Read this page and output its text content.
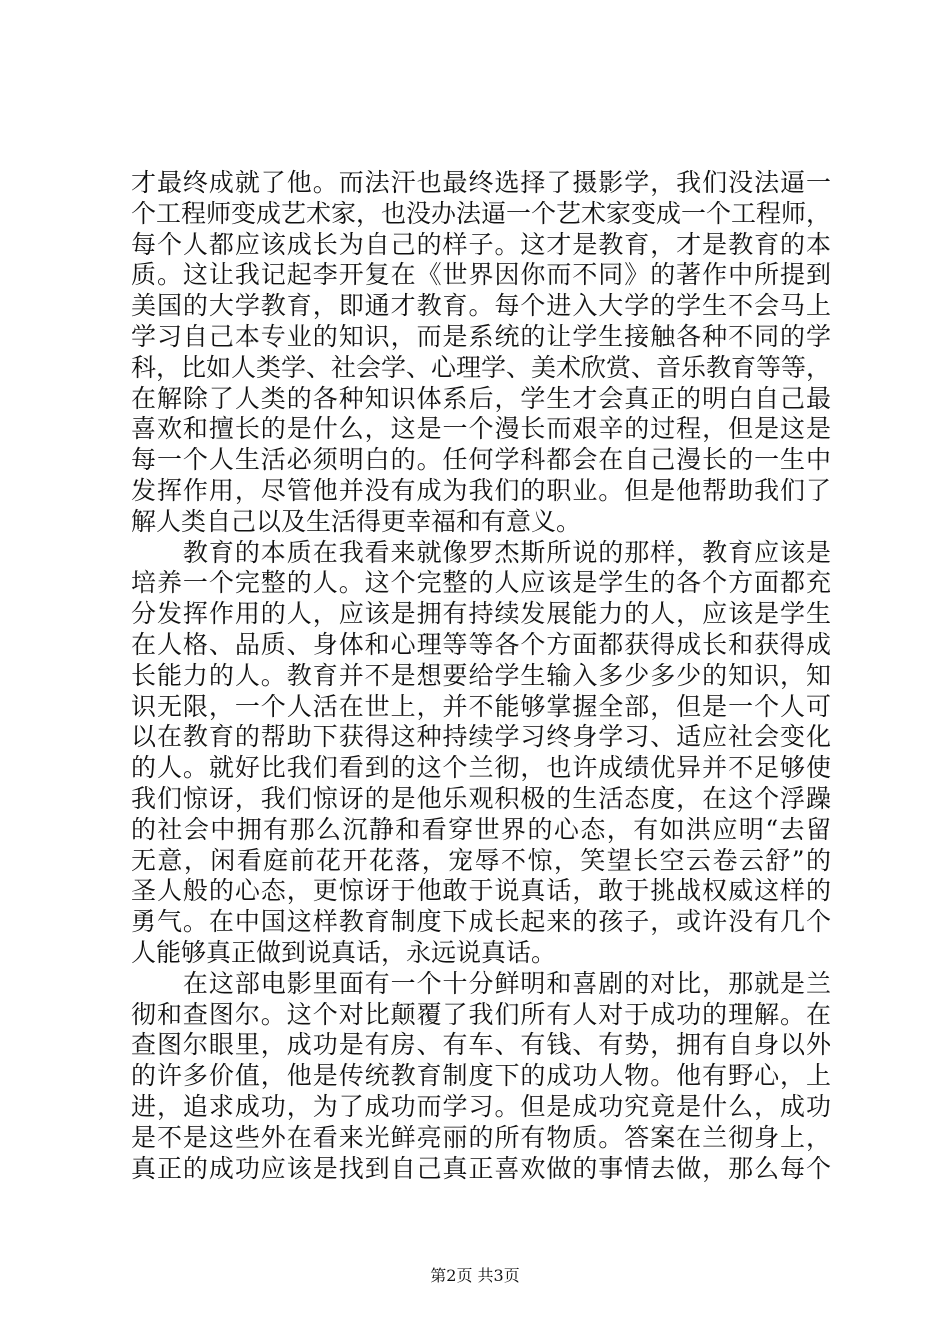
才最终成就了他。而法汗也最终选择了摄影学，我们没法逼一
个工程师变成艺术家，也没办法逼一个艺术家变成一个工程师，
每个人都应该成长为自己的样子。这才是教育，才是教育的本
质。这让我记起李开复在《世界因你而不同》的著作中所提到
美国的大学教育，即通才教育。每个进入大学的学生不会马上
学习自己本专业的知识，而是系统的让学生接触各种不同的学
科，比如人类学、社会学、心理学、美术欣赏、音乐教育等等，
在解除了人类的各种知识体系后，学生才会真正的明白自己最
喜欢和擅长的是什么，这是一个漫长而艰辛的过程，但是这是
每一个人生活必须明白的。任何学科都会在自己漫长的一生中
发挥作用，尽管他并没有成为我们的职业。但是他帮助我们了
解人类自己以及生活得更幸福和有意义。
　　教育的本质在我看来就像罗杰斯所说的那样，教育应该是
培养一个完整的人。这个完整的人应该是学生的各个方面都充
分发挥作用的人，应该是拥有持续发展能力的人，应该是学生
在人格、品质、身体和心理等等各个方面都获得成长和获得成
长能力的人。教育并不是想要给学生输入多少多少的知识，知
识无限，一个人活在世上，并不能够掌握全部，但是一个人可
以在教育的帮助下获得这种持续学习终身学习、适应社会变化
的人。就好比我们看到的这个兰彻，也许成绩优异并不足够使
我们惊讶，我们惊讶的是他乐观积极的生活态度，在这个浮躁
的社会中拥有那么沉静和看穿世界的心态，有如洪应明“去留
无意，闲看庭前花开花落，宠辱不惊，笑望长空云卷云舒”的
圣人般的心态，更惊讶于他敢于说真话，敢于挑战权威这样的
勇气。在中国这样教育制度下成长起来的孩子，或许没有几个
人能够真正做到说真话，永远说真话。
　　在这部电影里面有一个十分鲜明和喜剧的对比，那就是兰
彻和查图尔。这个对比颠覆了我们所有人对于成功的理解。在
查图尔眼里，成功是有房、有车、有钱、有势，拥有自身以外
的许多价值，他是传统教育制度下的成功人物。他有野心，上
进，追求成功，为了成功而学习。但是成功究竟是什么，成功
是不是这些外在看来光鲜亮丽的所有物质。答案在兰彻身上，
真正的成功应该是找到自己真正喜欢做的事情去做，那么每个
第2页 共3页
